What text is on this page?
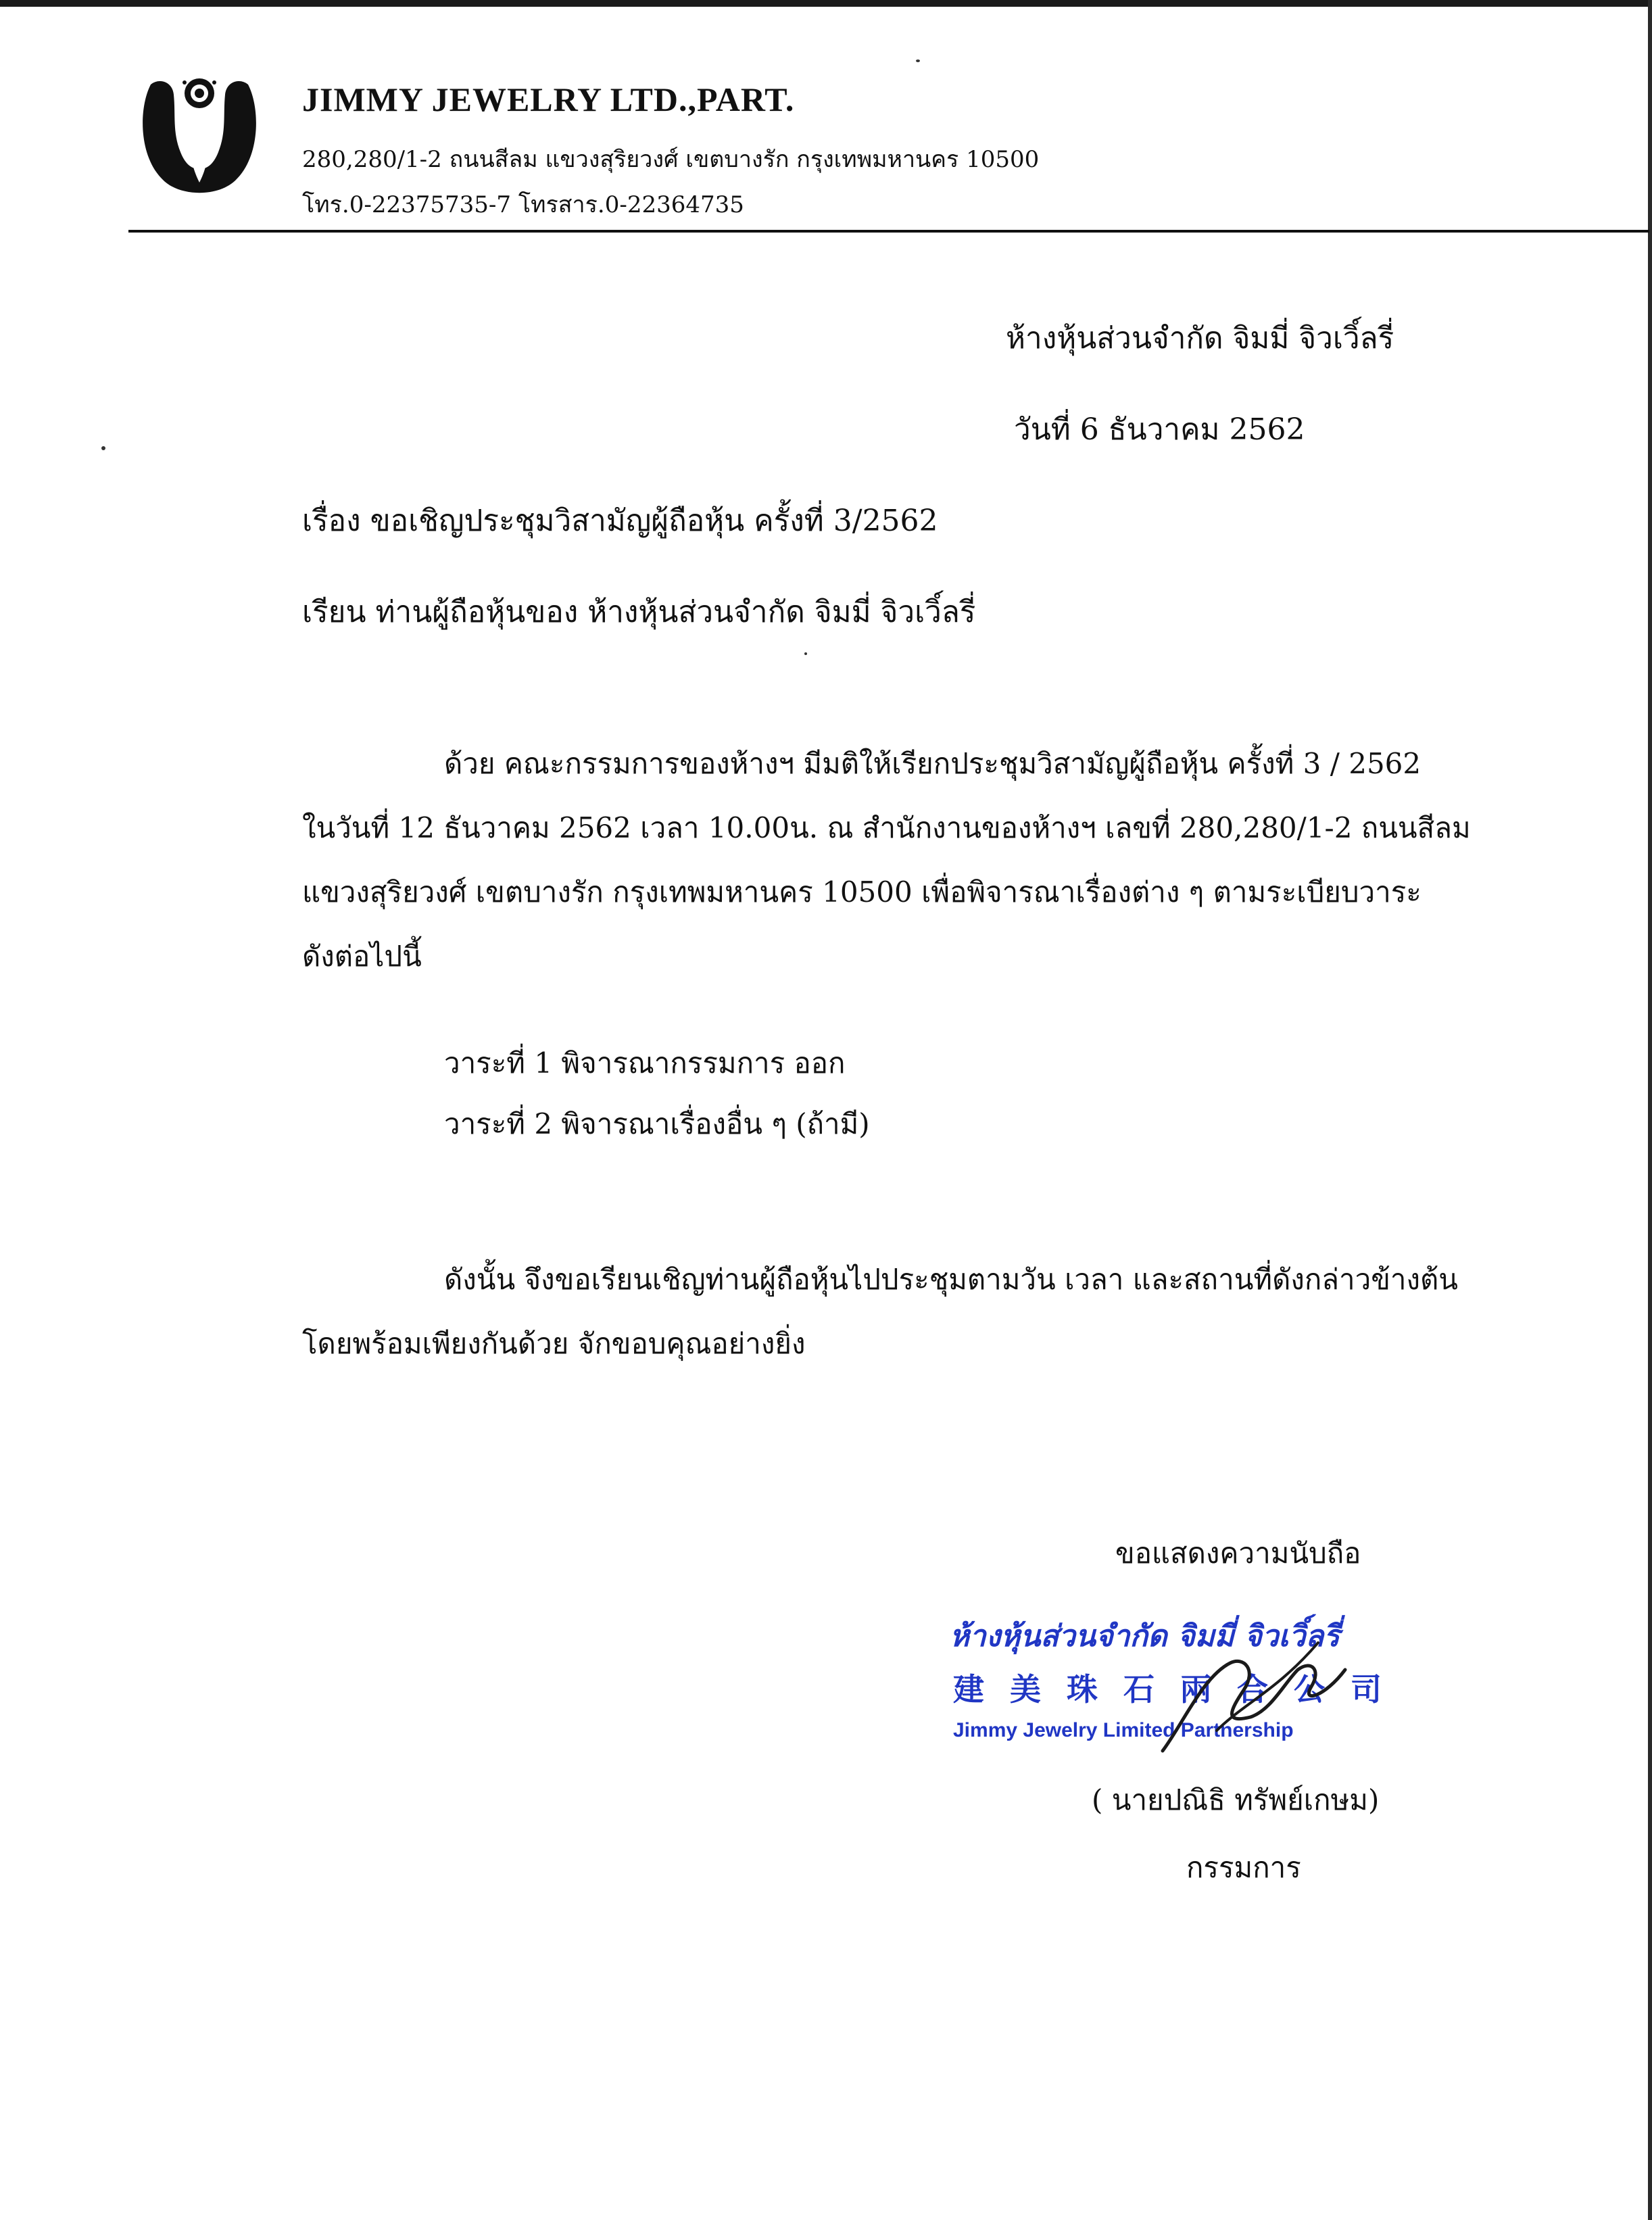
JIMMY JEWELRY LTD.,PART.
280,280/1-2 ถนนสีลม แขวงสุริยวงศ์ เขตบางรัก กรุงเทพมหานคร 10500
โทร.0-22375735-7 โทรสาร.0-22364735
ห้างหุ้นส่วนจำกัด จิมมี่ จิวเวิ์ลรี่
วันที่ 6 ธันวาคม 2562
เรื่อง ขอเชิญประชุมวิสามัญผู้ถือหุ้น ครั้งที่ 3/2562
เรียน ท่านผู้ถือหุ้นของ ห้างหุ้นส่วนจำกัด จิมมี่ จิวเวิ์ลรี่
ด้วย คณะกรรมการของห้างฯ มีมติให้เรียกประชุมวิสามัญผู้ถือหุ้น ครั้งที่ 3 / 2562
ในวันที่ 12 ธันวาคม 2562 เวลา 10.00น. ณ สำนักงานของห้างฯ เลขที่ 280,280/1-2 ถนนสีลม
แขวงสุริยวงศ์ เขตบางรัก กรุงเทพมหานคร 10500 เพื่อพิจารณาเรื่องต่าง ๆ ตามระเบียบวาระ
ดังต่อไปนี้
วาระที่ 1 พิจารณากรรมการ ออก
วาระที่ 2 พิจารณาเรื่องอื่น ๆ (ถ้ามี)
ดังนั้น จึงขอเรียนเชิญท่านผู้ถือหุ้นไปประชุมตามวัน เวลา และสถานที่ดังกล่าวข้างต้น
โดยพร้อมเพียงกันด้วย จักขอบคุณอย่างยิ่ง
ขอแสดงความนับถือ
ห้างหุ้นส่วนจำกัด จิมมี่ จิวเวิ์ลรี่
建美珠石兩合公司
Jimmy Jewelry Limited Partnership
( นายปณิธิ ทรัพย์เกษม)
กรรมการ
